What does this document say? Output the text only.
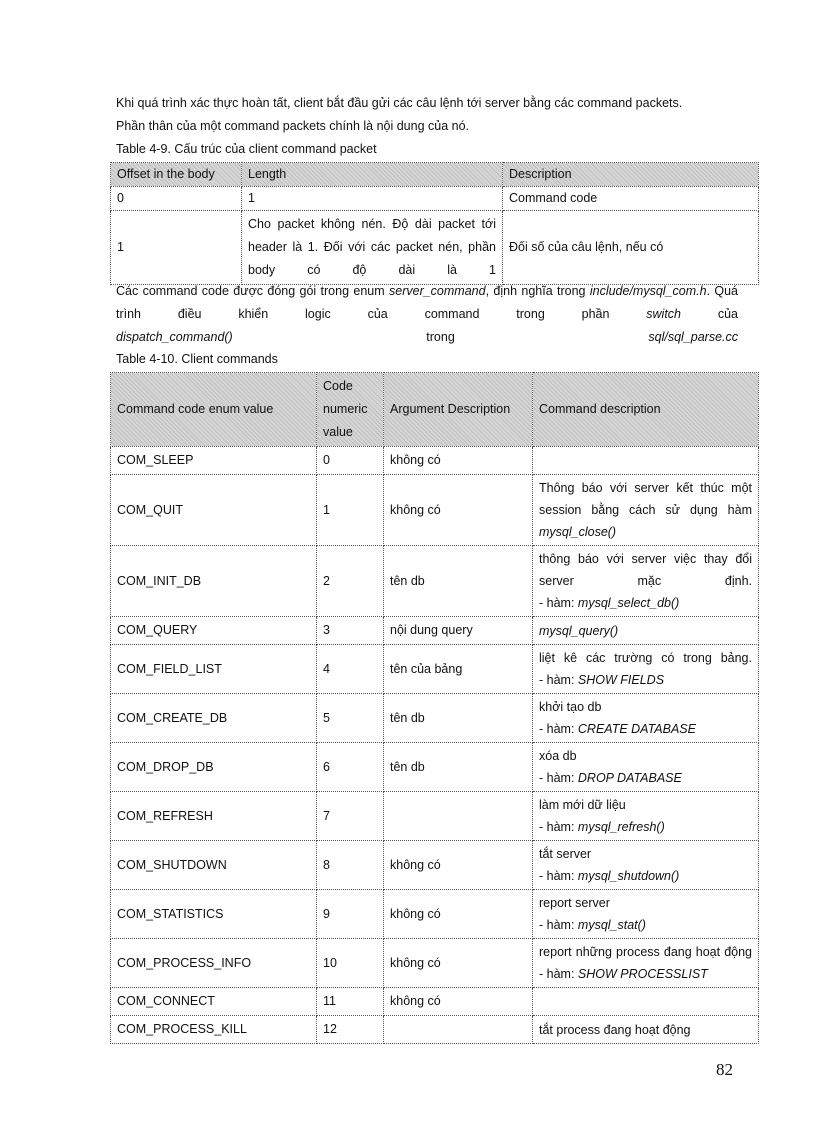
Khi quá trình xác thực hoàn tất, client bắt đầu gửi các câu lệnh tới server bằng các command packets.

Phần thân của một command packets chính là nội dung của nó.

Table 4-9. Cấu trúc của client command packet
Offset in the body	Length	Description
0	1	Command code
1	Cho packet không nén. Độ dài packet tới header là 1. Đối với các packet nén, phần body có độ dài là 1	Đối số của câu lệnh, nếu có
Các command code được đóng gói trong enum server_command, định nghĩa trong include/mysql_com.h. Quá trình điều khiển logic của command trong phần switch của
dispatch_command() trong sql/sql_parse.cc
Table 4-10. Client commands
Command code enum value	Code numeric value	Argument Description	Command description
COM_SLEEP	0	không có	
COM_QUIT	1	không có	Thông báo với server kết thúc một session bằng cách sử dụng hàm
mysql_close()

COM_INIT_DB	2	tên db	thông báo với server việc thay đổi server mặc định.
- hàm: mysql_select_db()

COM_QUERY	3	nội dung query	mysql_query()

COM_FIELD_LIST	4	tên của bảng	liệt kê các trường có trong bảng.
- hàm: SHOW FIELDS

COM_CREATE_DB	5	tên db	khởi tạo db
- hàm: CREATE DATABASE

COM_DROP_DB	6	tên db	xóa db
- hàm: DROP DATABASE

COM_REFRESH	7		làm mới dữ liệu
- hàm: mysql_refresh()

COM_SHUTDOWN	8	không có	tắt server
- hàm: mysql_shutdown()

COM_STATISTICS	9	không có	report server
- hàm: mysql_stat()

COM_PROCESS_INFO	10	không có	report những process đang hoạt động
- hàm: SHOW PROCESSLIST

COM_CONNECT	11	không có	
COM_PROCESS_KILL	12		tắt process đang hoạt động
82
